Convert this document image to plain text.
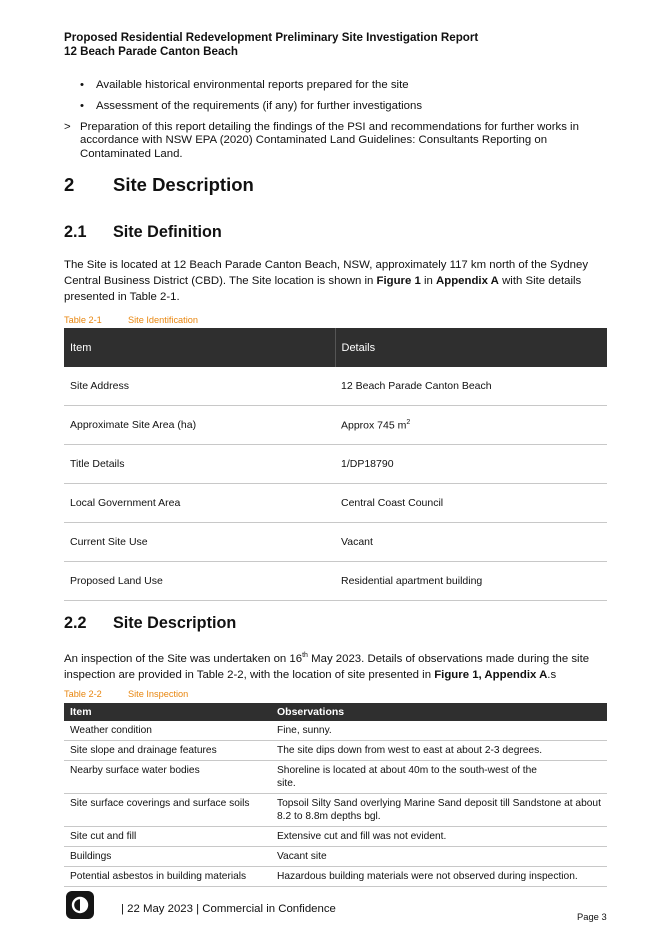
Proposed Residential Redevelopment Preliminary Site Investigation Report
12 Beach Parade Canton Beach
• Available historical environmental reports prepared for the site
• Assessment of the requirements (if any) for further investigations
> Preparation of this report detailing the findings of the PSI and recommendations for further works in accordance with NSW EPA (2020) Contaminated Land Guidelines: Consultants Reporting on Contaminated Land.
2 Site Description
2.1 Site Definition
The Site is located at 12 Beach Parade Canton Beach, NSW, approximately 117 km north of the Sydney Central Business District (CBD). The Site location is shown in Figure 1 in Appendix A with Site details presented in Table 2-1.
Table 2-1	Site Identification
Item	Details
Site Address	12 Beach Parade Canton Beach
Approximate Site Area (ha)	Approx 745 $m^2$
Title Details	1/DP18790
Local Government Area	Central Coast Council
Current Site Use	Vacant
Proposed Land Use	Residential apartment building
2.2 Site Description
An inspection of the Site was undertaken on 16th May 2023. Details of observations made during the site inspection are provided in Table 2-2, with the location of site presented in Figure 1, Appendix A.s
Table 2-2	Site Inspection
Item	Observations
Weather condition	Fine, sunny.
Site slope and drainage features	The site dips down from west to east at about 2-3 degrees.
Nearby surface water bodies	Shoreline is located at about 40m to the south-west of the site.
Site surface coverings and surface soils	Topsoil Silty Sand overlying Marine Sand deposit till Sandstone at about 8.2 to 8.8m depths bgl.
Site cut and fill	Extensive cut and fill was not evident.
Buildings	Vacant site
Potential asbestos in building materials	Hazardous building materials were not observed during inspection.
| 22 May 2023 | Commercial in Confidence
Page 3
